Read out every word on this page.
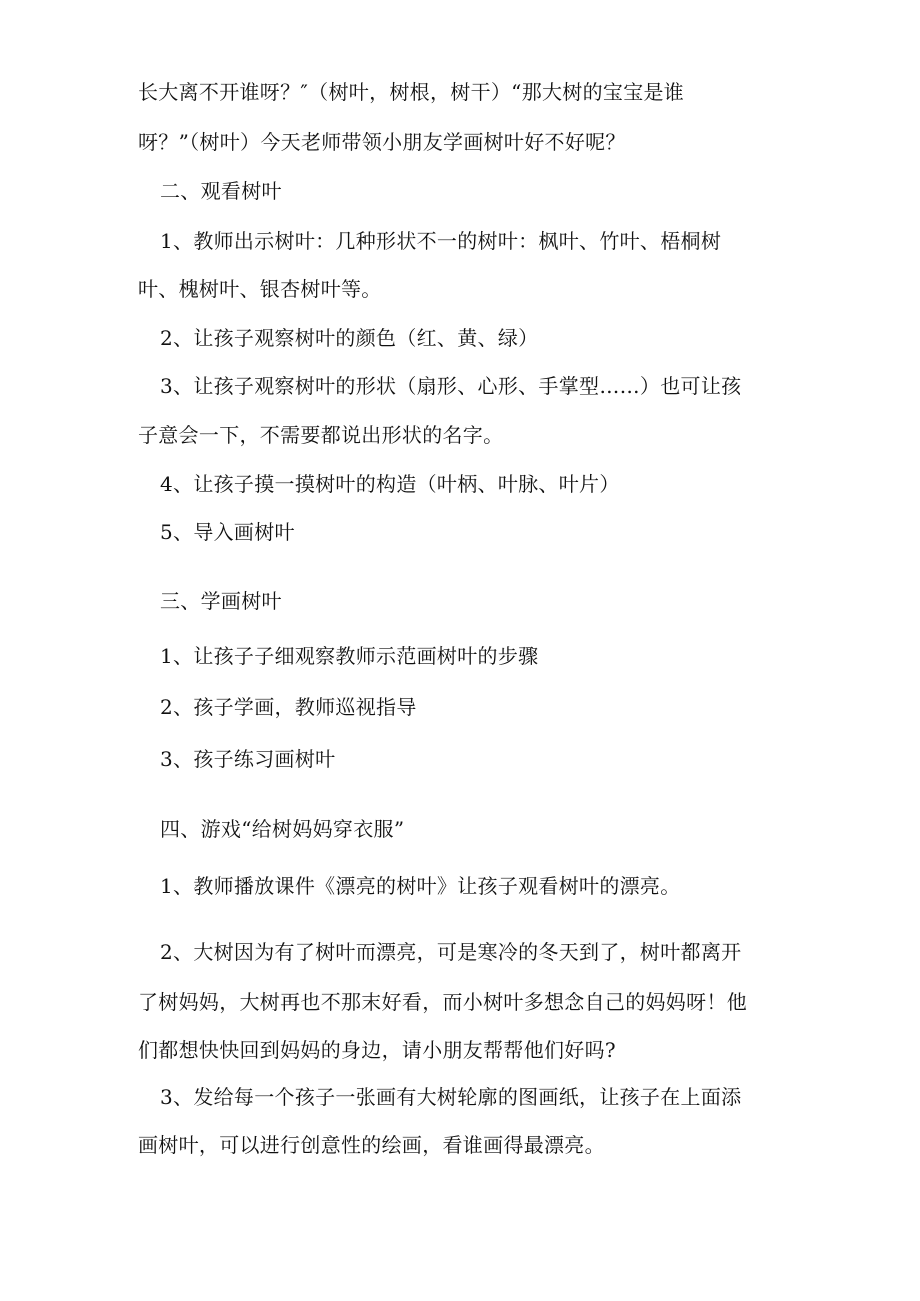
长大离不开谁呀？″（树叶，树根，树干）“那大树的宝宝是谁
呀？”（树叶）今天老师带领小朋友学画树叶好不好呢？
二、观看树叶
1、教师出示树叶：几种形状不一的树叶：枫叶、竹叶、梧桐树
叶、槐树叶、银杏树叶等。
2、让孩子观察树叶的颜色（红、黄、绿）
3、让孩子观察树叶的形状（扇形、心形、手掌型……）也可让孩
子意会一下，不需要都说出形状的名字。
4、让孩子摸一摸树叶的构造（叶柄、叶脉、叶片）
5、导入画树叶
三、学画树叶
1、让孩子子细观察教师示范画树叶的步骤
2、孩子学画，教师巡视指导
3、孩子练习画树叶
四、游戏“给树妈妈穿衣服”
1、教师播放课件《漂亮的树叶》让孩子观看树叶的漂亮。
2、大树因为有了树叶而漂亮，可是寒冷的冬天到了，树叶都离开
了树妈妈，大树再也不那末好看，而小树叶多想念自己的妈妈呀！他
们都想快快回到妈妈的身边，请小朋友帮帮他们好吗?
3、发给每一个孩子一张画有大树轮廓的图画纸，让孩子在上面添
画树叶，可以进行创意性的绘画，看谁画得最漂亮。
